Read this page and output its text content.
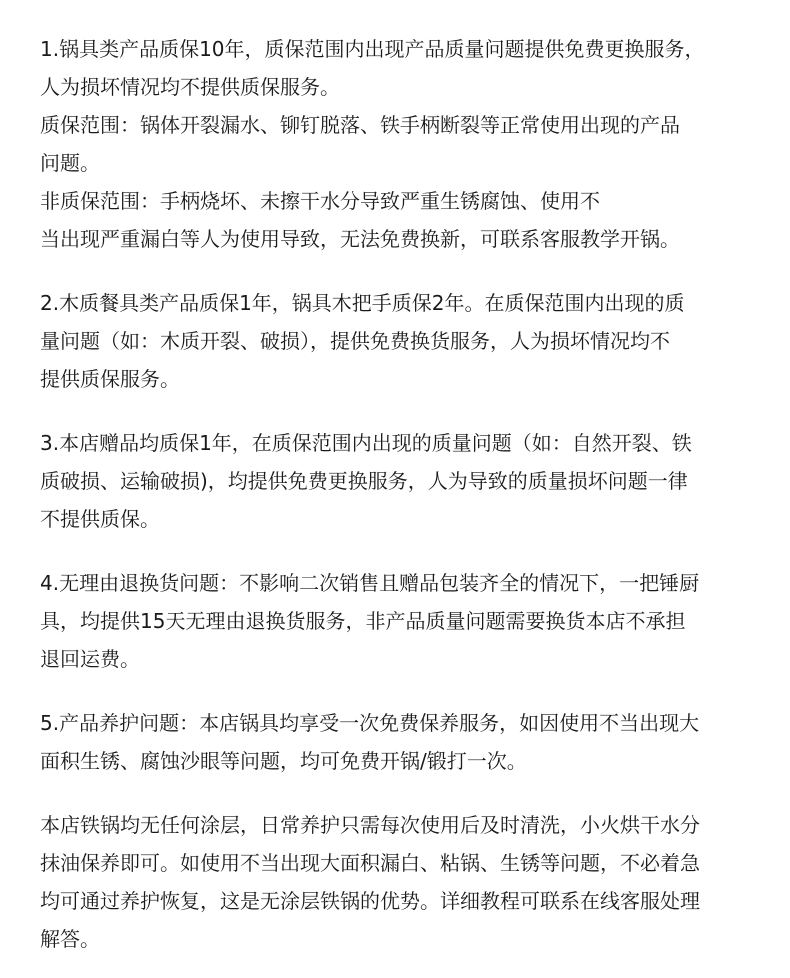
1.锅具类产品质保10年，质保范围内出现产品质量问题提供免费更换服务，
人为损坏情况均不提供质保服务。
质保范围：锅体开裂漏水、铆钉脱落、铁手柄断裂等正常使用出现的产品
问题。
非质保范围：手柄烧坏、未擦干水分导致严重生锈腐蚀、使用不
当出现严重漏白等人为使用导致，无法免费换新，可联系客服教学开锅。
2.木质餐具类产品质保1年，锅具木把手质保2年。在质保范围内出现的质
量问题（如：木质开裂、破损），提供免费换货服务，人为损坏情况均不
提供质保服务。
3.本店赠品均质保1年，在质保范围内出现的质量问题（如：自然开裂、铁
质破损、运输破损)，均提供免费更换服务，人为导致的质量损坏问题一律
不提供质保。
4.无理由退换货问题：不影响二次销售且赠品包装齐全的情况下，一把锤厨
具，均提供15天无理由退换货服务，非产品质量问题需要换货本店不承担
退回运费。
5.产品养护问题：本店锅具均享受一次免费保养服务，如因使用不当出现大
面积生锈、腐蚀沙眼等问题，均可免费开锅/锻打一次。
本店铁锅均无任何涂层，日常养护只需每次使用后及时清洗，小火烘干水分
抹油保养即可。如使用不当出现大面积漏白、粘锅、生锈等问题，不必着急
均可通过养护恢复，这是无涂层铁锅的优势。详细教程可联系在线客服处理
解答。
